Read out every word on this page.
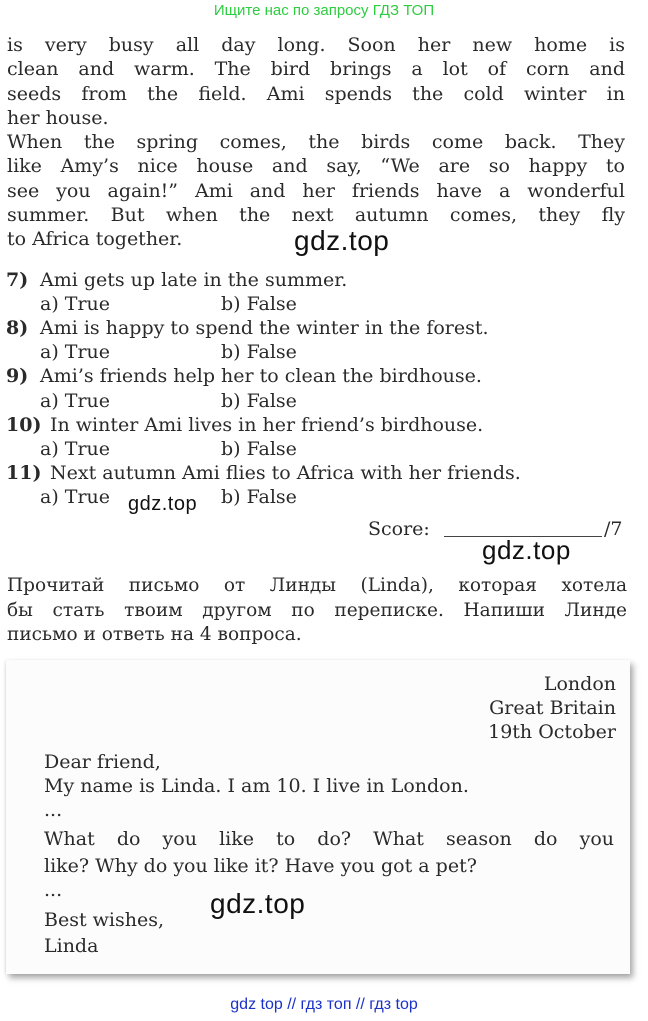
Ищите нас по запросу ГДЗ ТОП
is very busy all day long. Soon her new home is
clean and warm. The bird brings a lot of corn and
seeds from the field. Ami spends the cold winter in
her house.
When the spring comes, the birds come back. They
like Amy’s nice house and say, “We are so happy to
see you again!” Ami and her friends have a wonderful
summer. But when the next autumn comes, they fly
to Africa together.	gdz.top
7) Ami gets up late in the summer.
a) True	b) False
8) Ami is happy to spend the winter in the forest.
a) True	b) False
9) Ami’s friends help her to clean the birdhouse.
a) True	b) False
10) In winter Ami lives in her friend’s birdhouse.
a) True	b) False
11) Next autumn Ami flies to Africa with her friends.
a) True	b) False
gdz.top
Score:	/7
gdz.top
Прочитай письмо от Линды (Linda), которая хотела
бы стать твоим другом по переписке. Напиши Линде
письмо и ответь на 4 вопроса.
London
Great Britain
19th October
Dear friend,
My name is Linda. I am 10. I live in London.
...
What do you like to do? What season do you
like? Why do you like it? Have you got a pet?
...
Best wishes,
Linda
gdz.top
gdz top // гдз топ // гдз top
